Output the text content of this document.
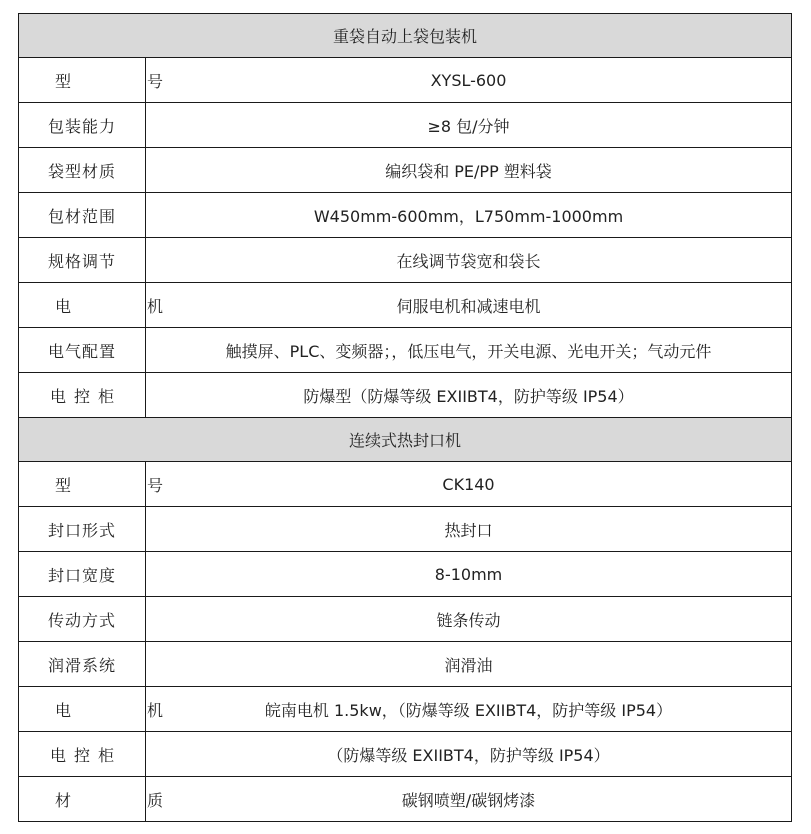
重袋自动上袋包装机	
型　号	XYSL-600
包装能力	≥8 包/分钟
袋型材质	编织袋和 PE/PP 塑料袋
包材范围	W450mm-600mm，L750mm-1000mm
规格调节	在线调节袋宽和袋长
电　机	伺服电机和减速电机
电气配置	触摸屏、PLC、变频器；，低压电气，开关电源、光电开关；气动元件
电控柜	防爆型（防爆等级 EXIIBT4，防护等级 IP54）
连续式热封口机	
型　号	CK140
封口形式	热封口
封口宽度	8-10mm
传动方式	链条传动
润滑系统	润滑油
电　机	皖南电机 1.5kw，（防爆等级 EXIIBT4，防护等级 IP54）
电控柜	（防爆等级 EXIIBT4，防护等级 IP54）
材　质	碳钢喷塑/碳钢烤漆
